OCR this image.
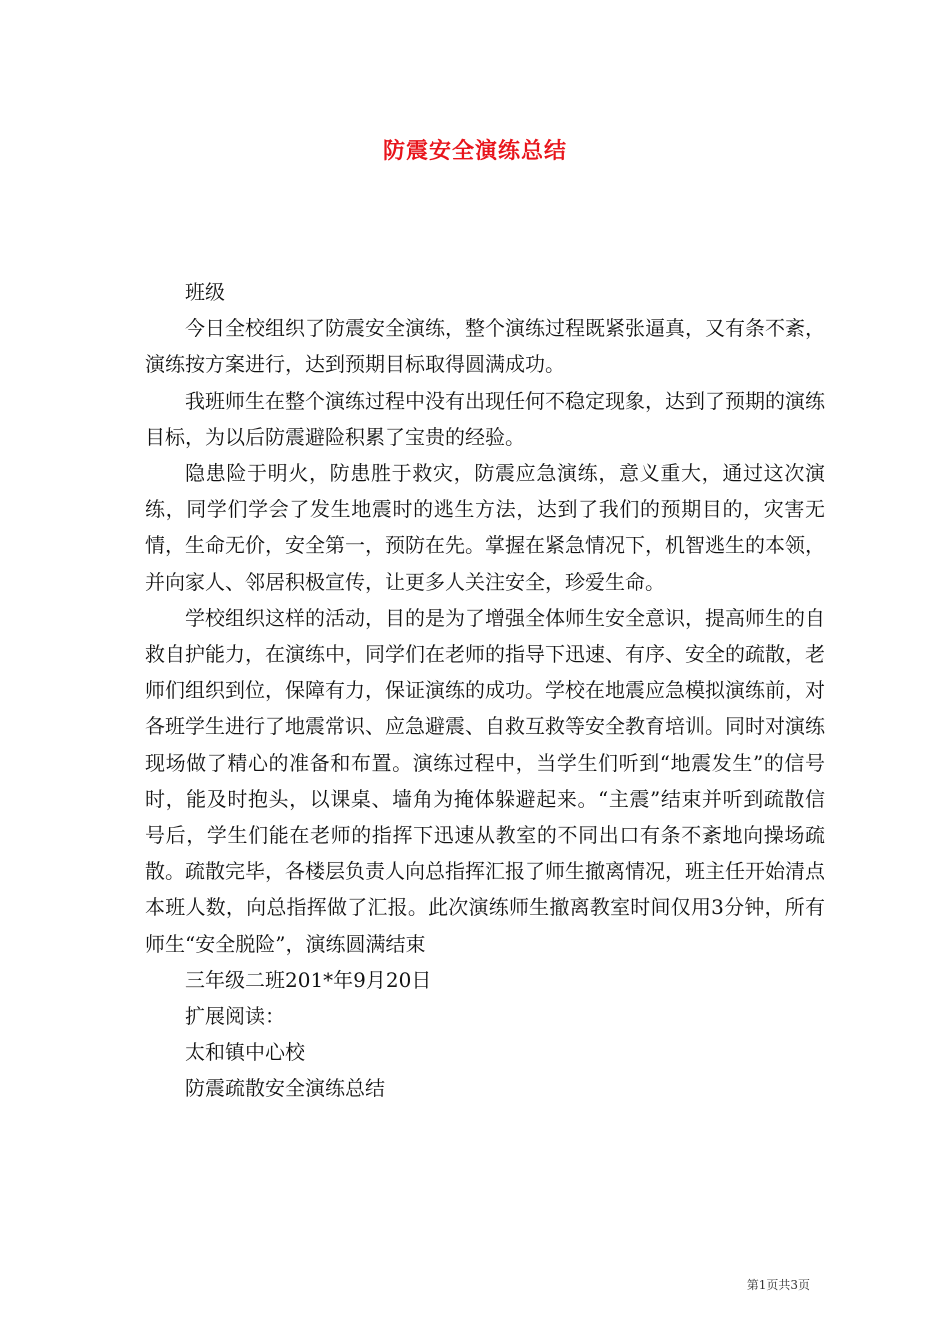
防震安全演练总结

班级

今日全校组织了防震安全演练，整个演练过程既紧张逼真，又有条不紊，演练按方案进行，达到预期目标取得圆满成功。

我班师生在整个演练过程中没有出现任何不稳定现象，达到了预期的演练目标，为以后防震避险积累了宝贵的经验。

隐患险于明火，防患胜于救灾，防震应急演练，意义重大，通过这次演练，同学们学会了发生地震时的逃生方法，达到了我们的预期目的，灾害无情，生命无价，安全第一，预防在先。掌握在紧急情况下，机智逃生的本领，并向家人、邻居积极宣传，让更多人关注安全，珍爱生命。

学校组织这样的活动，目的是为了增强全体师生安全意识，提高师生的自救自护能力，在演练中，同学们在老师的指导下迅速、有序、安全的疏散，老师们组织到位，保障有力，保证演练的成功。学校在地震应急模拟演练前，对各班学生进行了地震常识、应急避震、自救互救等安全教育培训。同时对演练现场做了精心的准备和布置。演练过程中，当学生们听到“地震发生”的信号时，能及时抱头，以课桌、墙角为掩体躲避起来。“主震”结束并听到疏散信号后，学生们能在老师的指挥下迅速从教室的不同出口有条不紊地向操场疏散。疏散完毕，各楼层负责人向总指挥汇报了师生撤离情况，班主任开始清点本班人数，向总指挥做了汇报。此次演练师生撤离教室时间仅用3分钟，所有师生“安全脱险”，演练圆满结束

三年级二班201*年9月20日

扩展阅读：

太和镇中心校

防震疏散安全演练总结

第1页共3页
